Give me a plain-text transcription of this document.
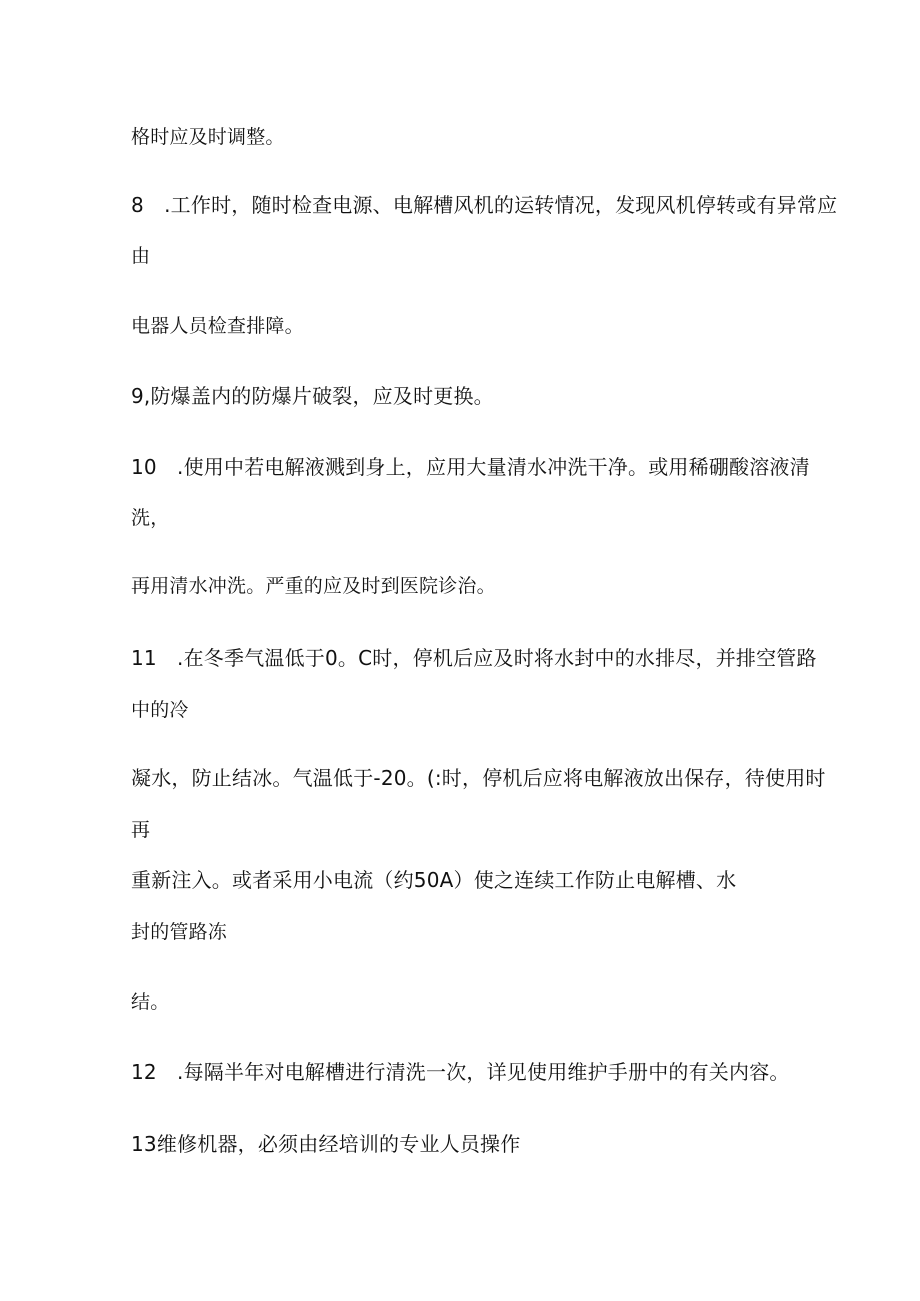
格时应及时调整。
8　.工作时，随时检查电源、电解槽风机的运转情况，发现风机停转或有异常应
由
电器人员检查排障。
9,防爆盖内的防爆片破裂，应及时更换。
10　.使用中若电解液溅到身上，应用大量清水冲洗干净。或用稀硼酸溶液清
洗，
再用清水冲洗。严重的应及时到医院诊治。
11　.在冬季气温低于0。C时，停机后应及时将水封中的水排尽，并排空管路
中的冷
凝水，防止结冰。气温低于-20。(:时，停机后应将电解液放出保存，待使用时
再
重新注入。或者采用小电流（约50A）使之连续工作防止电解槽、水
封的管路冻
结。
12　.每隔半年对电解槽进行清洗一次，详见使用维护手册中的有关内容。
13维修机器，必须由经培训的专业人员操作
